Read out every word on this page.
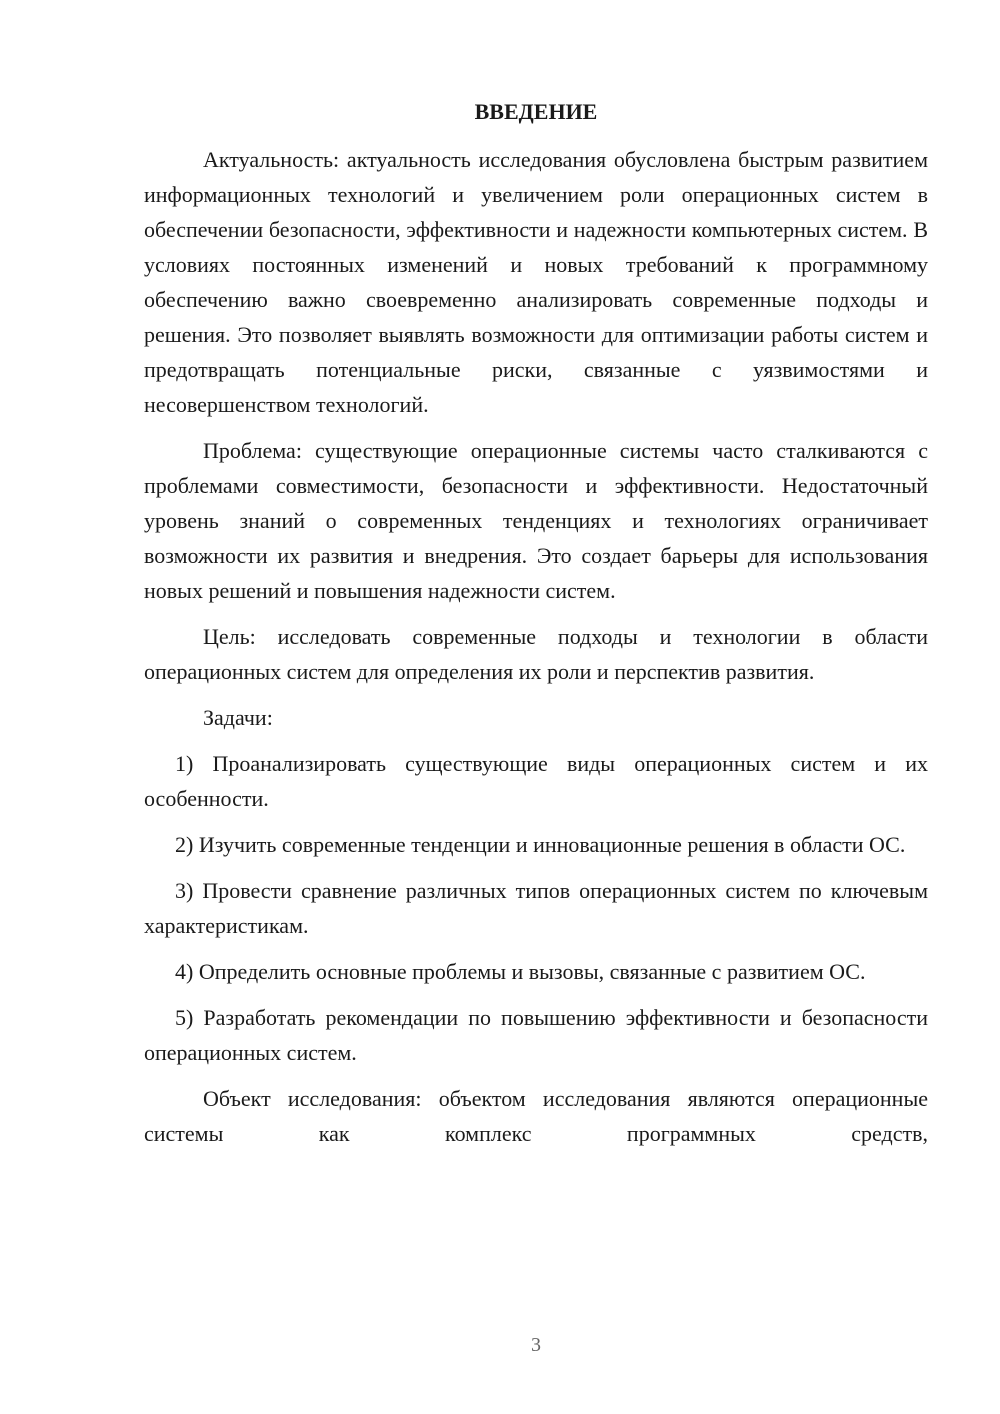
ВВЕДЕНИЕ

Актуальность: актуальность исследования обусловлена быстрым развитием информационных технологий и увеличением роли операционных систем в обеспечении безопасности, эффективности и надежности компьютерных систем. В условиях постоянных изменений и новых требований к программному обеспечению важно своевременно анализировать современные подходы и решения. Это позволяет выявлять возможности для оптимизации работы систем и предотвращать потенциальные риски, связанные с уязвимостями и несовершенством технологий.

Проблема: существующие операционные системы часто сталкиваются с проблемами совместимости, безопасности и эффективности. Недостаточный уровень знаний о современных тенденциях и технологиях ограничивает возможности их развития и внедрения. Это создает барьеры для использования новых решений и повышения надежности систем.

Цель: исследовать современные подходы и технологии в области операционных систем для определения их роли и перспектив развития.

Задачи:

1) Проанализировать существующие виды операционных систем и их особенности.

2) Изучить современные тенденции и инновационные решения в области ОС.

3) Провести сравнение различных типов операционных систем по ключевым характеристикам.

4) Определить основные проблемы и вызовы, связанные с развитием ОС.

5) Разработать рекомендации по повышению эффективности и безопасности операционных систем.

Объект исследования: объектом исследования являются операционные системы как комплекс программных средств,

3
